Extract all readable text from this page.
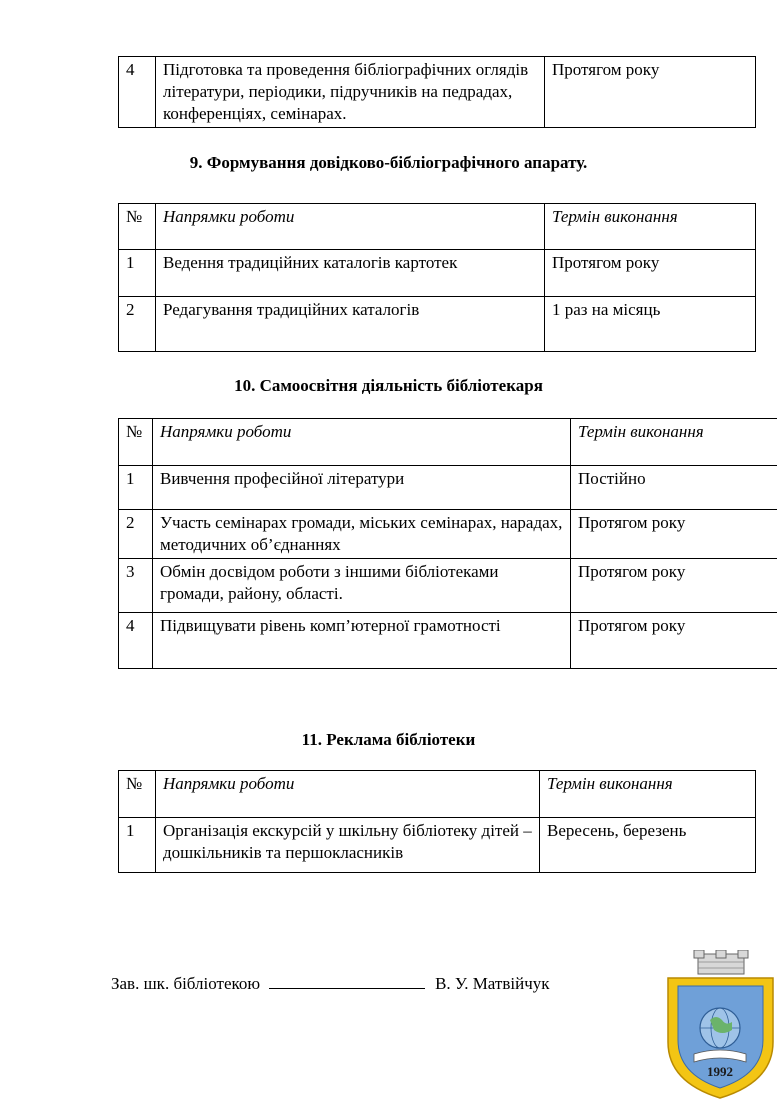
4	Підготовка та проведення бібліографічних оглядів літератури, періодики, підручників на педрадах, конференціях, семінарах.	Протягом року
9. Формування довідково-бібліографічного апарату.
№	Напрямки роботи	Термін виконання
1	Ведення традиційних каталогів картотек	Протягом року
2	Редагування традиційних каталогів	1 раз на місяць
10. Самоосвітня діяльність бібліотекаря
№	Напрямки роботи	Термін виконання
1	Вивчення професійної літератури	Постійно
2	Участь семінарах громади, міських семінарах, нарадах, методичних об’єднаннях	Протягом року
3	Обмін досвідом роботи з іншими бібліотеками громади, району, області.	Протягом року
4	Підвищувати рівень комп’ютерної грамотності	Протягом року
11. Реклама бібліотеки
№	Напрямки роботи	Термін виконання
1	Організація екскурсій у шкільну бібліотеку дітей –дошкільників та першокласників	Вересень, березень
Зав. шк. бібліотекою	В. У. Матвійчук
1992
